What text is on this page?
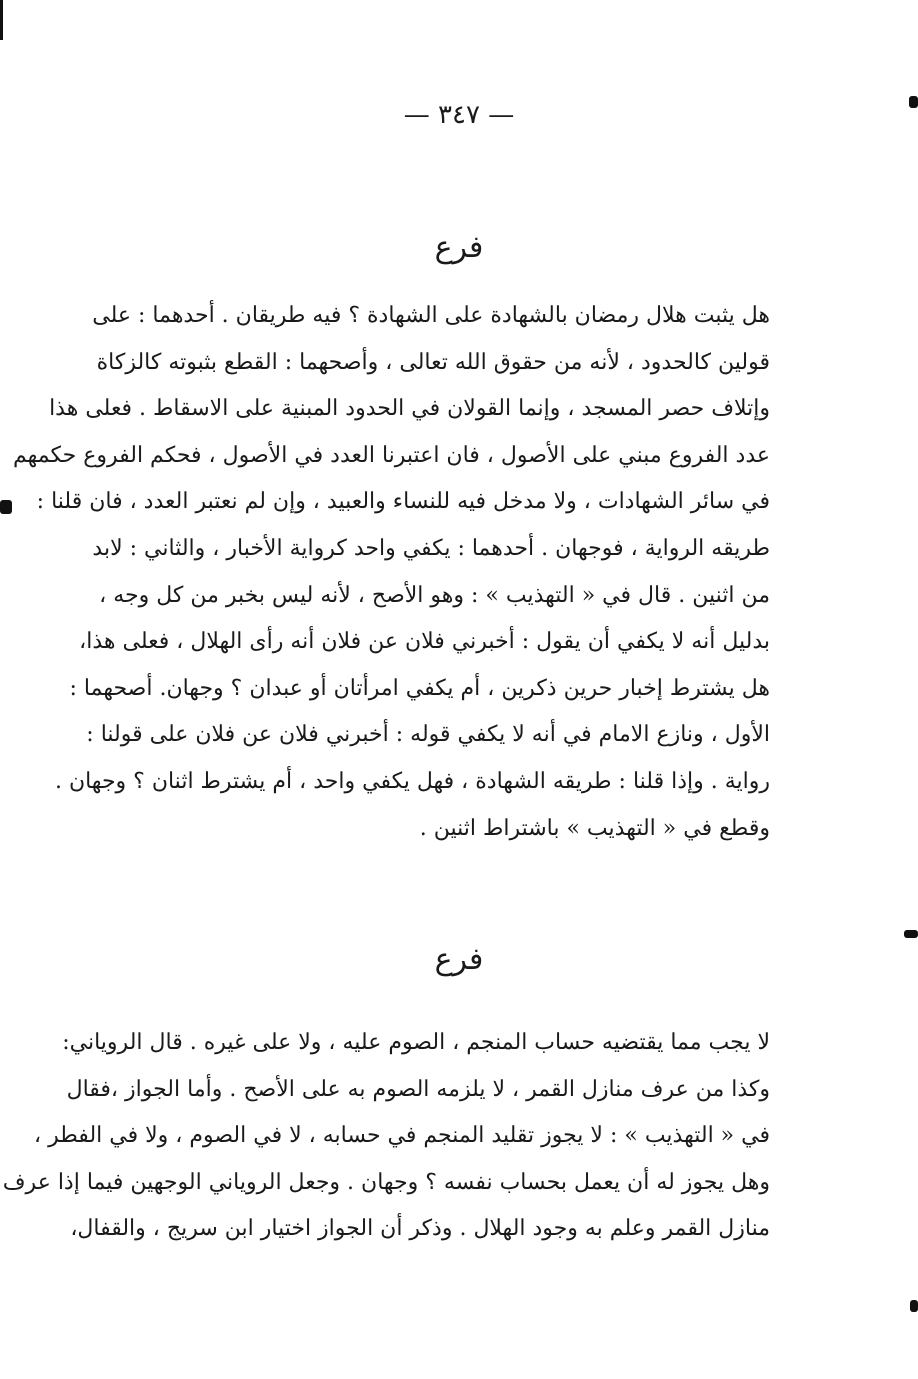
— ٣٤٧ —
فرع
هل يثبت هلال رمضان بالشهادة على الشهادة ؟ فيه طريقان . أحدهما : على
قولين كالحدود ، لأنه من حقوق الله تعالى ، وأصحهما : القطع بثبوته كالزكاة
وإتلاف حصر المسجد ، وإنما القولان في الحدود المبنية على الاسقاط . فعلى هذا
عدد الفروع مبني على الأصول ، فان اعتبرنا العدد في الأصول ، فحكم الفروع حكمهم
في سائر الشهادات ، ولا مدخل فيه للنساء والعبيد ، وإن لم نعتبر العدد ، فان قلنا :
طريقه الرواية ، فوجهان . أحدهما : يكفي واحد كرواية الأخبار ، والثاني : لابد
من اثنين . قال في « التهذيب » : وهو الأصح ، لأنه ليس بخبر من كل وجه ،
بدليل أنه لا يكفي أن يقول : أخبرني فلان عن فلان أنه رأى الهلال ، فعلى هذا،
هل يشترط إخبار حرين ذكرين ، أم يكفي امرأتان أو عبدان ؟ وجهان. أصحهما :
الأول ، ونازع الامام في أنه لا يكفي قوله : أخبرني فلان عن فلان على قولنا :
رواية . وإذا قلنا : طريقه الشهادة ، فهل يكفي واحد ، أم يشترط اثنان ؟ وجهان .
وقطع في « التهذيب » باشتراط اثنين .
فرع
لا يجب مما يقتضيه حساب المنجم ، الصوم عليه ، ولا على غيره . قال الروياني:
وكذا من عرف منازل القمر ، لا يلزمه الصوم به على الأصح . وأما الجواز ،فقال
في « التهذيب » : لا يجوز تقليد المنجم في حسابه ، لا في الصوم ، ولا في الفطر ،
وهل يجوز له أن يعمل بحساب نفسه ؟ وجهان . وجعل الروياني الوجهين فيما إذا عرف
منازل القمر وعلم به وجود الهلال . وذكر أن الجواز اختيار ابن سريج ، والقفال،
